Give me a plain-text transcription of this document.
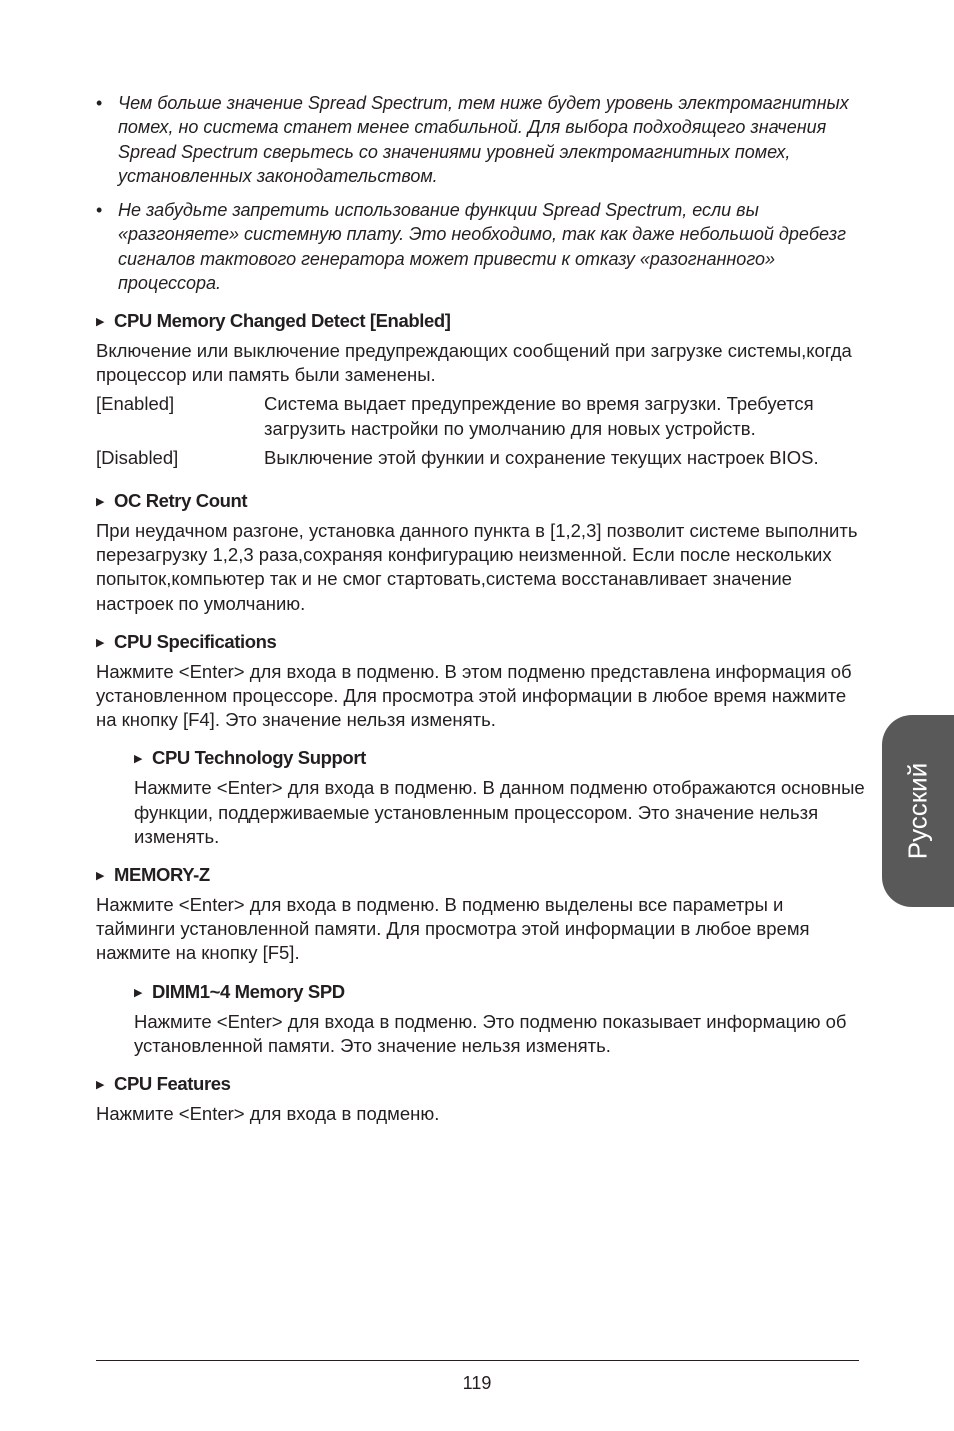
• Чем больше значение Spread Spectrum, тем ниже будет уровень электромагнитных помех, но система станет менее стабильной. Для выбора подходящего значения Spread Spectrum сверьтесь со значениями уровней электромагнитных помех, установленных законодательством.
• Не забудьте запретить использование функции Spread Spectrum, если вы «разгоняете» системную плату. Это необходимо, так как даже небольшой дребезг сигналов тактового генератора может привести к отказу «разогнанного» процессора.
▶ CPU Memory Changed Detect [Enabled]

Включение или выключение предупреждающих сообщений при загрузке системы,когда процессор или память были заменены.

[Enabled]	Система выдает предупреждение во время загрузки. Требуется загрузить настройки по умолчанию для новых устройств.
[Disabled]	Выключение этой функии и сохранение текущих настроек BIOS.
▶ OC Retry Count

При неудачном разгоне, установка данного пункта в [1,2,3] позволит системе выполнить перезагрузку 1,2,3 раза,сохраняя конфигурацию неизменной. Если после нескольких попыток,компьютер так и не смог стартовать,система восстанавливает значение настроек по умолчанию.

▶ CPU Specifications

Нажмите <Enter> для входа в подменю. В этом подменю представлена информация об установленном процессоре. Для просмотра этой информации в любое время нажмите на кнопку [F4]. Это значение нельзя изменять.

▶ CPU Technology Support

Нажмите <Enter> для входа в подменю. В данном подменю отображаются основные функции, поддерживаемые установленным процессором. Это значение нельзя изменять.

▶ MEMORY-Z

Нажмите <Enter> для входа в подменю. В подменю выделены все параметры и тайминги установленной памяти. Для просмотра этой информации в любое время нажмите на кнопку [F5].

▶ DIMM1~4 Memory SPD

Нажмите <Enter> для входа в подменю. Это подменю показывает информацию об установленной памяти. Это значение нельзя изменять.

▶ CPU Features

Нажмите <Enter> для входа в подменю.

Русский
119
